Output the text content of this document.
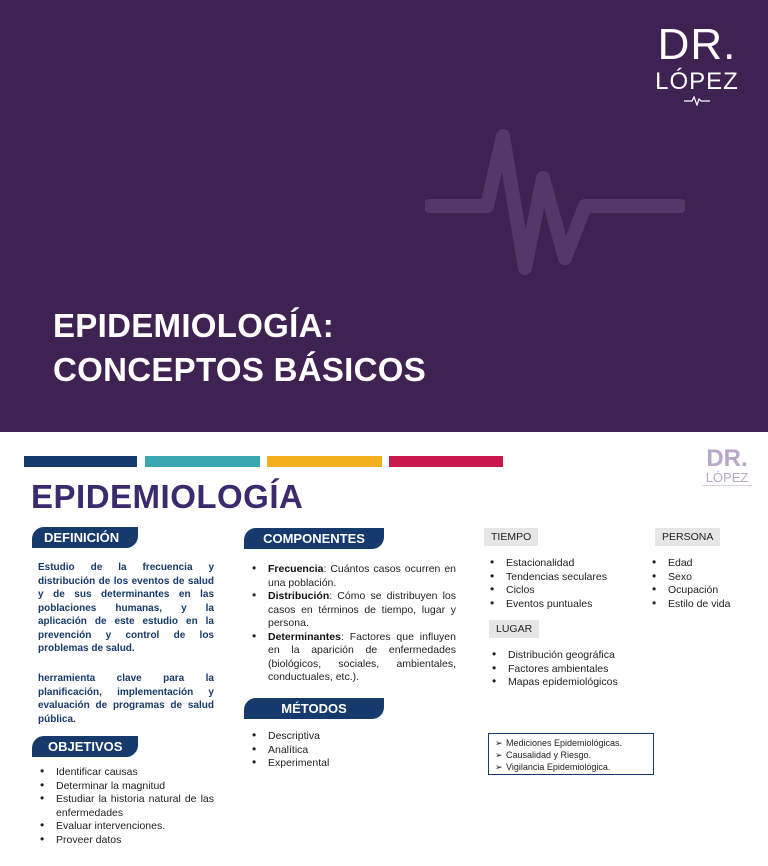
EPIDEMIOLOGÍA:
CONCEPTOS BÁSICOS
DR.
LÓPEZ
DR.
LÓPEZ
EPIDEMIOLOGÍA
DEFINICIÓN
Estudio de la frecuencia y distribución de los eventos de salud y de sus determinantes en las poblaciones humanas, y la aplicación de este estudio en la prevención y control de los problemas de salud.
herramienta clave para la planificación, implementación y evaluación de programas de salud pública.
OBJETIVOS
• Identificar causas
• Determinar la magnitud
• Estudiar la historia natural de las enfermedades
• Evaluar intervenciones.
• Proveer datos
COMPONENTES
• Frecuencia: Cuántos casos ocurren en una población.
• Distribución: Cómo se distribuyen los casos en términos de tiempo, lugar y persona.
• Determinantes: Factores que influyen en la aparición de enfermedades (biológicos, sociales, ambientales, conductuales, etc.).
MÉTODOS
• Descriptiva
• Analítica
• Experimental
TIEMPO
• Estacionalidad
• Tendencias seculares
• Ciclos
• Eventos puntuales
PERSONA
• Edad
• Sexo
• Ocupación
• Estilo de vida
LUGAR
• Distribución geográfica
• Factores ambientales
• Mapas epidemiológicos
➢ Mediciones Epidemiológicas.
➢ Causalidad y Riesgo.
➢ Vigilancia Epidemiológica.
